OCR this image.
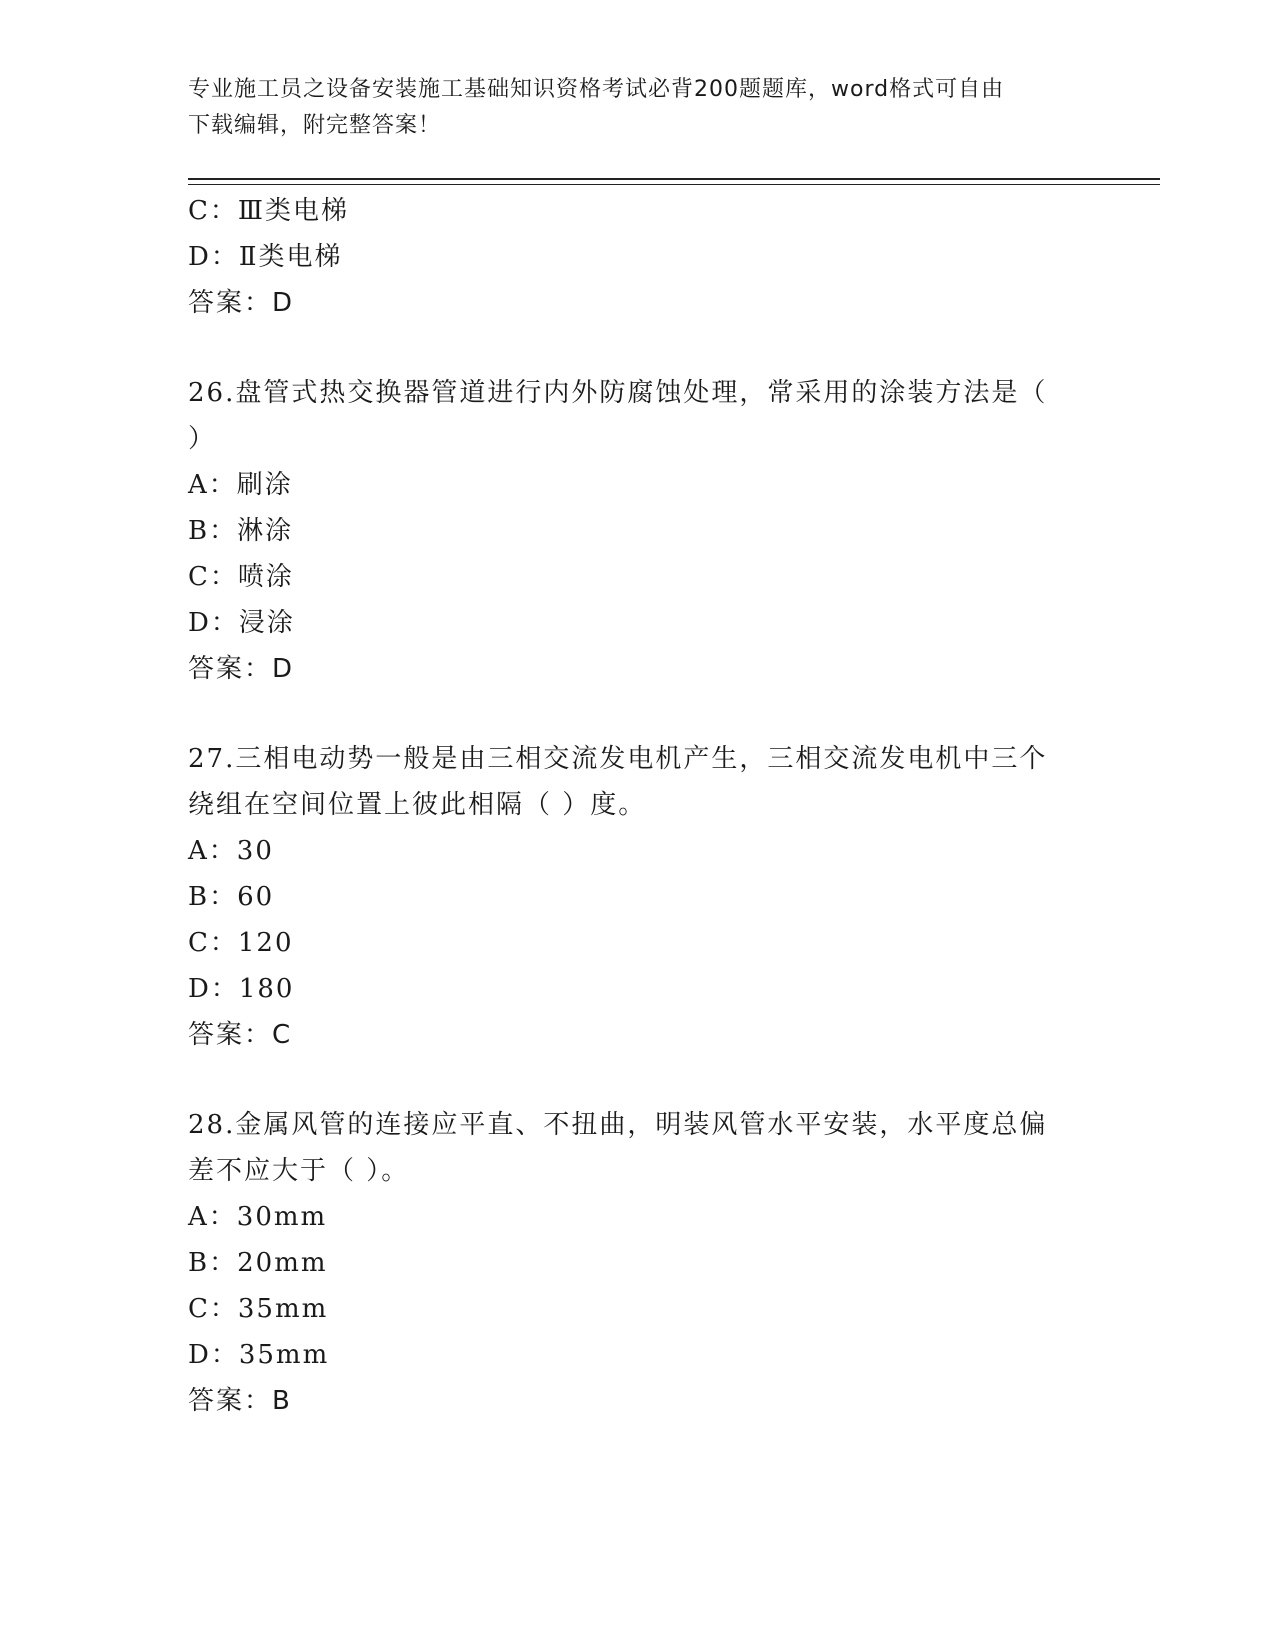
专业施工员之设备安装施工基础知识资格考试必背200题题库，word格式可自由
下载编辑，附完整答案！
C：Ⅲ类电梯
D：Ⅱ类电梯
答案：D
26.盘管式热交换器管道进行内外防腐蚀处理，常采用的涂装方法是（
）
A：刷涂
B：淋涂
C：喷涂
D：浸涂
答案：D
27.三相电动势一般是由三相交流发电机产生，三相交流发电机中三个
绕组在空间位置上彼此相隔（ ）度。
A：30
B：60
C：120
D：180
答案：C
28.金属风管的连接应平直、不扭曲，明装风管水平安装，水平度总偏
差不应大于（ ）。
A：30mm
B：20mm
C：35mm
D：35mm
答案：B
